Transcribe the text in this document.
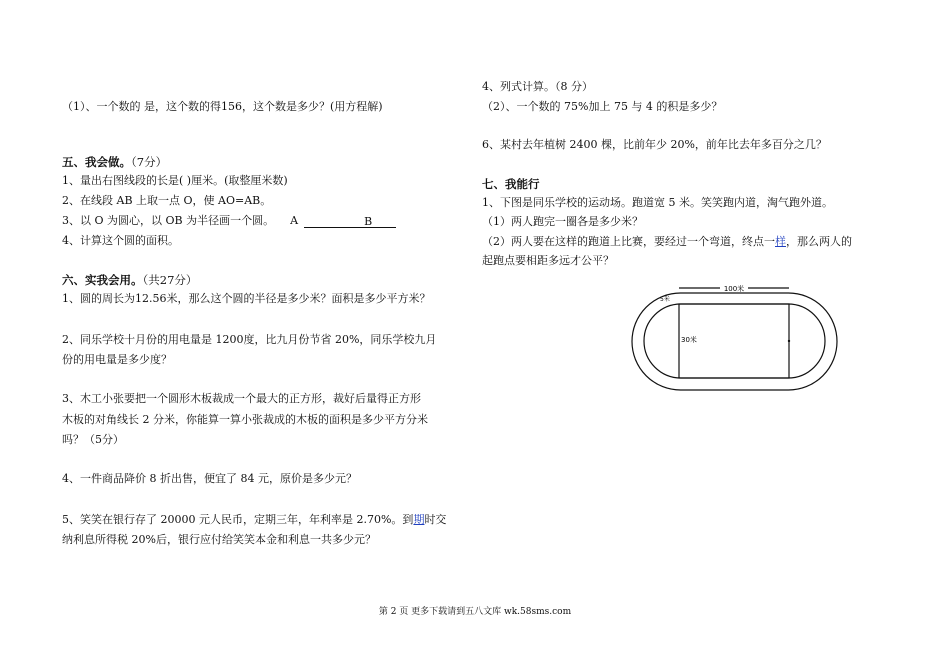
（1）、一个数的 是，这个数的得156，这个数是多少？(用方程解)
五、我会做。（7分）
1、量出右图线段的长是( )厘米。(取整厘米数)
2、在线段 AB 上取一点 O，使 AO=AB。
3、以 O 为圆心，以 OB 为半径画一个圆。 A	B
4、计算这个圆的面积。
六、实我会用。（共27分）
1、圆的周长为12.56米，那么这个圆的半径是多少米？面积是多少平方米？
2、同乐学校十月份的用电量是 1200度，比九月份节省 20%，同乐学校九月
份的用电量是多少度？
3、木工小张要把一个圆形木板裁成一个最大的正方形，裁好后量得正方形
木板的对角线长 2 分米，你能算一算小张裁成的木板的面积是多少平方分米
吗？（5分）
4、一件商品降价 8 折出售，便宜了 84 元，原价是多少元？
5、笑笑在银行存了 20000 元人民币，定期三年，年利率是 2.70%。到期时交
纳利息所得税 20%后，银行应付给笑笑本金和利息一共多少元？
4、列式计算。（8 分）
（2）、一个数的 75%加上 75 与 4 的积是多少？
6、某村去年植树 2400 棵，比前年少 20%，前年比去年多百分之几？
七、我能行
1、下图是同乐学校的运动场。跑道宽 5 米。笑笑跑内道，淘气跑外道。
（1）两人跑完一圈各是多少米？
（2）两人要在这样的跑道上比赛，要经过一个弯道，终点一样，那么两人的
起跑点要相距多远才公平？
100米
5米
30米
第 2 页 更多下载请到五八文库 wk.58sms.com
